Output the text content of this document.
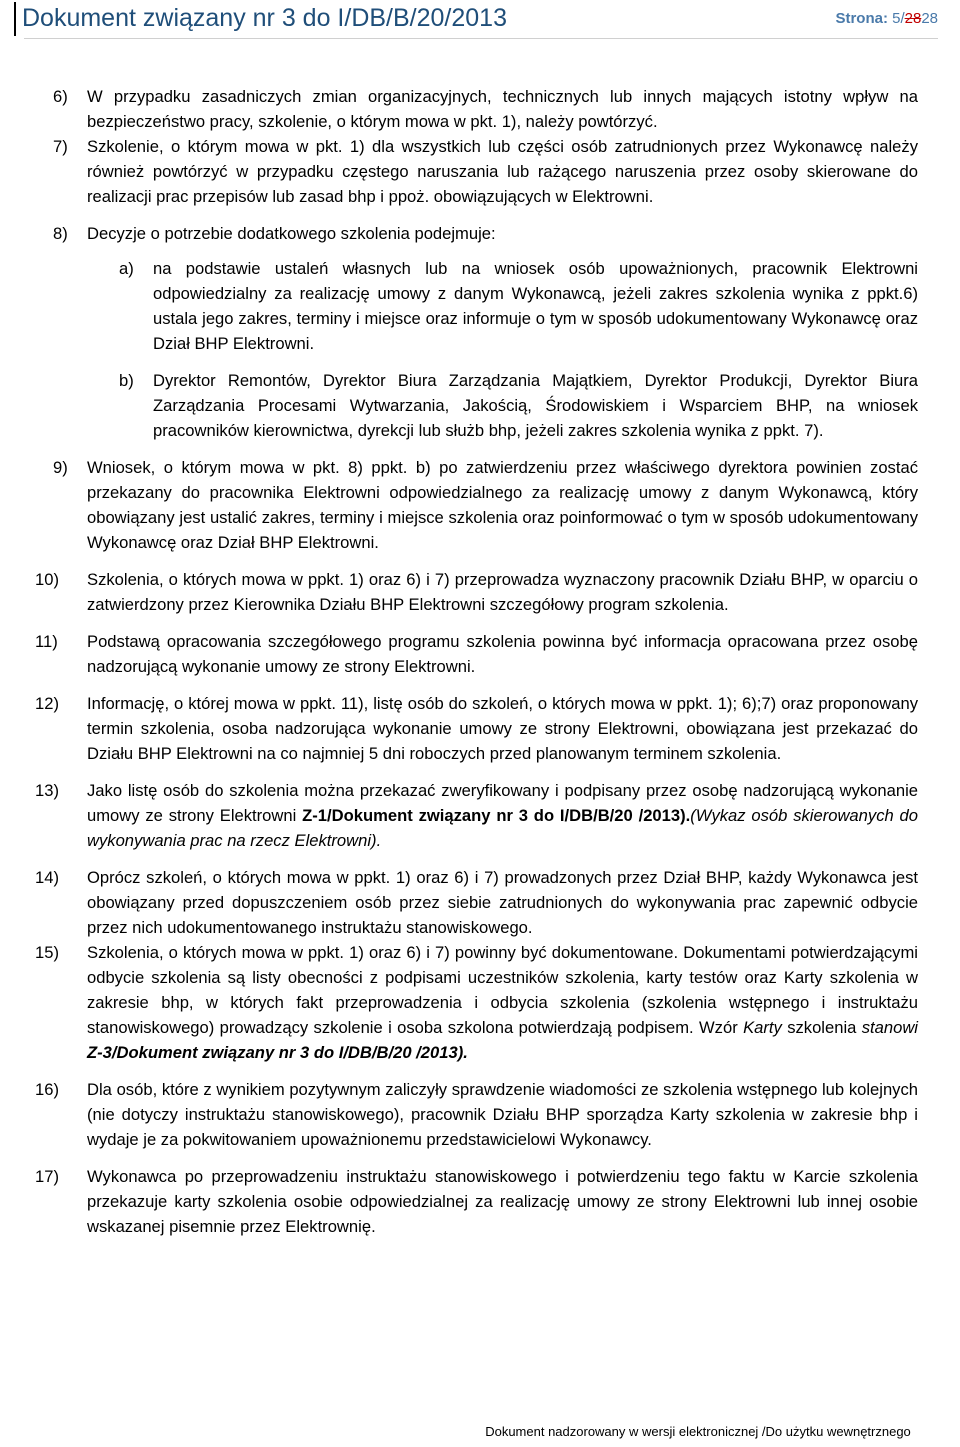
Dokument związany nr 3 do I/DB/B/20/2013	Strona: 5/2828
6) W przypadku zasadniczych zmian organizacyjnych, technicznych lub innych mających istotny wpływ na bezpieczeństwo pracy, szkolenie, o którym mowa w pkt. 1), należy powtórzyć.
7) Szkolenie, o którym mowa w pkt. 1) dla wszystkich lub części osób zatrudnionych przez Wykonawcę należy również powtórzyć w przypadku częstego naruszania lub rażącego naruszenia przez osoby skierowane do realizacji prac przepisów lub zasad bhp i ppoż. obowiązujących w Elektrowni.
8) Decyzje o potrzebie dodatkowego szkolenia podejmuje:
a) na podstawie ustaleń własnych lub na wniosek osób upoważnionych, pracownik Elektrowni odpowiedzialny za realizację umowy z danym Wykonawcą, jeżeli zakres szkolenia wynika z ppkt.6) ustala jego zakres, terminy i miejsce oraz informuje o tym w sposób udokumentowany Wykonawcę oraz Dział BHP Elektrowni.
b) Dyrektor Remontów, Dyrektor Biura Zarządzania Majątkiem, Dyrektor Produkcji, Dyrektor Biura Zarządzania Procesami Wytwarzania, Jakością, Środowiskiem i Wsparciem BHP, na wniosek pracowników kierownictwa, dyrekcji lub służb bhp, jeżeli zakres szkolenia wynika z ppkt. 7).
9) Wniosek, o którym mowa w pkt. 8) ppkt. b) po zatwierdzeniu przez właściwego dyrektora powinien zostać przekazany do pracownika Elektrowni odpowiedzialnego za realizację umowy z danym Wykonawcą, który obowiązany jest ustalić zakres, terminy i miejsce szkolenia oraz poinformować o tym w sposób udokumentowany Wykonawcę oraz Dział BHP Elektrowni.
10) Szkolenia, o których mowa w ppkt. 1) oraz 6) i 7) przeprowadza wyznaczony pracownik Działu BHP, w oparciu o zatwierdzony przez Kierownika Działu BHP Elektrowni szczegółowy program szkolenia.
11) Podstawą opracowania szczegółowego programu szkolenia powinna być informacja opracowana przez osobę nadzorującą wykonanie umowy ze strony Elektrowni.
12) Informację, o której mowa w ppkt. 11), listę osób do szkoleń, o których mowa w ppkt. 1); 6);7) oraz proponowany termin szkolenia, osoba nadzorująca wykonanie umowy ze strony Elektrowni, obowiązana jest przekazać do Działu BHP Elektrowni na co najmniej 5 dni roboczych przed planowanym terminem szkolenia.
13) Jako listę osób do szkolenia można przekazać zweryfikowany i podpisany przez osobę nadzorującą wykonanie umowy ze strony Elektrowni Z-1/Dokument związany nr 3 do I/DB/B/20 /2013).(Wykaz osób skierowanych do wykonywania prac na rzecz Elektrowni).
14) Oprócz szkoleń, o których mowa w ppkt. 1) oraz 6) i 7) prowadzonych przez Dział BHP, każdy Wykonawca jest obowiązany przed dopuszczeniem osób przez siebie zatrudnionych do wykonywania prac zapewnić odbycie przez nich udokumentowanego instruktażu stanowiskowego.
15) Szkolenia, o których mowa w ppkt. 1) oraz 6) i 7) powinny być dokumentowane. Dokumentami potwierdzającymi odbycie szkolenia są listy obecności z podpisami uczestników szkolenia, karty testów oraz Karty szkolenia w zakresie bhp, w których fakt przeprowadzenia i odbycia szkolenia (szkolenia wstępnego i instruktażu stanowiskowego) prowadzący szkolenie i osoba szkolona potwierdzają podpisem. Wzór Karty szkolenia stanowi Z-3/Dokument związany nr 3 do I/DB/B/20 /2013).
16) Dla osób, które z wynikiem pozytywnym zaliczyły sprawdzenie wiadomości ze szkolenia wstępnego lub kolejnych (nie dotyczy instruktażu stanowiskowego), pracownik Działu BHP sporządza Karty szkolenia w zakresie bhp i wydaje je za pokwitowaniem upoważnionemu przedstawicielowi Wykonawcy.
17) Wykonawca po przeprowadzeniu instruktażu stanowiskowego i potwierdzeniu tego faktu w Karcie szkolenia przekazuje karty szkolenia osobie odpowiedzialnej za realizację umowy ze strony Elektrowni lub innej osobie wskazanej pisemnie przez Elektrownię.
Dokument nadzorowany w wersji elektronicznej /Do użytku wewnętrznego
